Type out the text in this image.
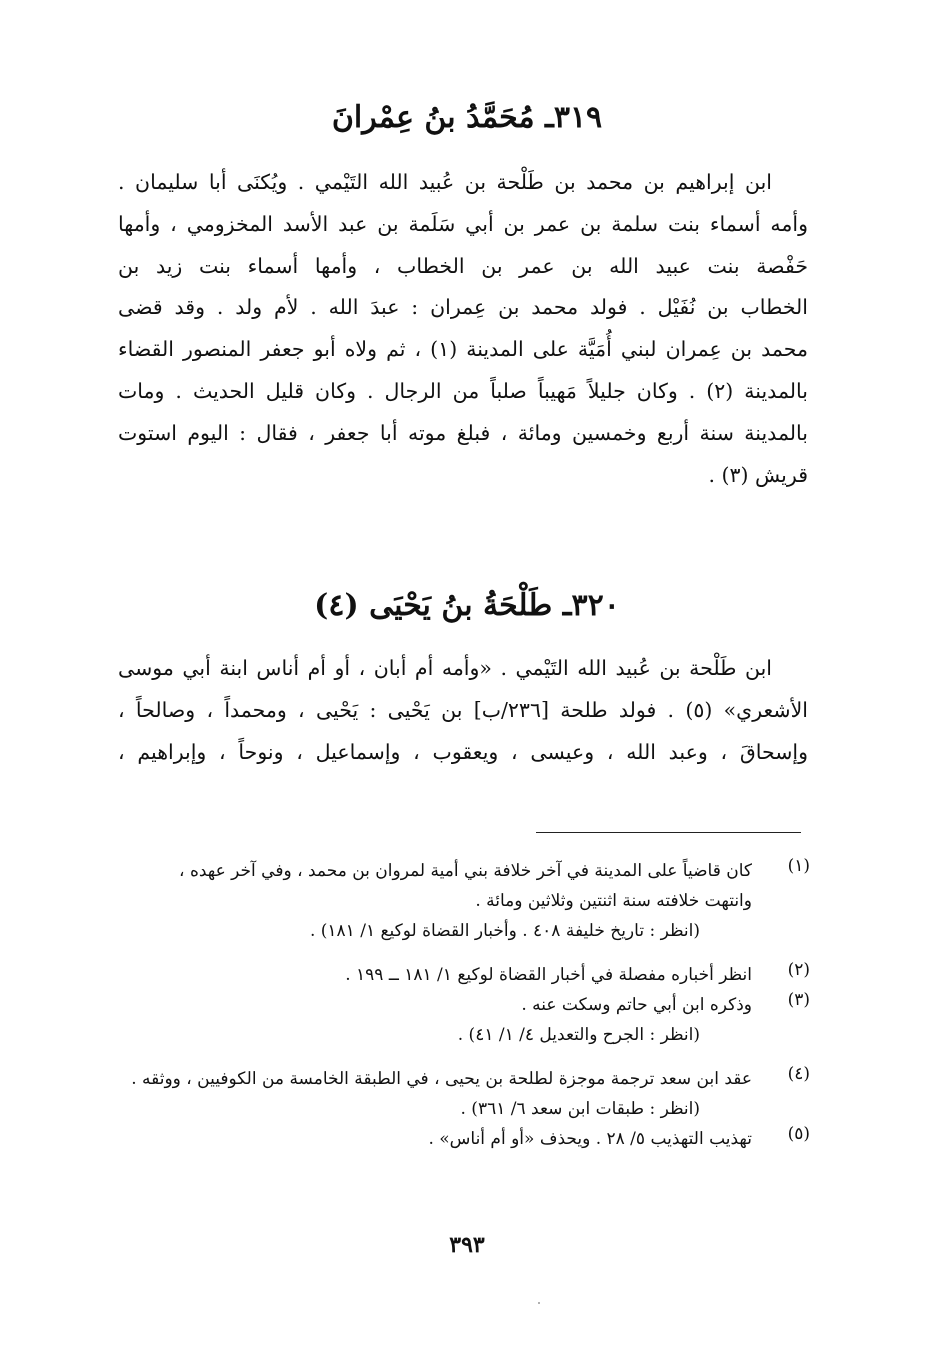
٣١٩ـ مُحَمَّدُ بنُ عِمْرانَ
ابن إبراهيم بن محمد بن طَلْحة بن عُبيد الله التَيْمي . ويُكنَى أبا سليمان .
وأمه أسماء بنت سلمة بن عمر بن أبي سَلَمة بن عبد الأسد المخزومي ، وأمها
حَفْصة بنت عبيد الله بن عمر بن الخطاب ، وأمها أسماء بنت زيد بن
الخطاب بن نُفَيْل . فولد محمد بن عِمران : عبدَ الله . لأم ولد . وقد قضى
محمد بن عِمران لبني أُمَيَّة على المدينة (١) ، ثم ولاه أبو جعفر المنصور القضاء
بالمدينة (٢) . وكان جليلاً مَهيباً صلباً من الرجال . وكان قليل الحديث . ومات
بالمدينة سنة أربع وخمسين ومائة ، فبلغ موته أبا جعفر ، فقال : اليوم استوت
قريش (٣) .
٣٢٠ـ طَلْحَةُ بنُ يَحْيَى (٤)
ابن طَلْحة بن عُبيد الله التَيْمي . «وأمه أم أبان ، أو أم أناس ابنة أبي موسى
الأشعري» (٥) . فولد طلحة [٢٣٦/ب] بن يَحْيى : يَحْيى ، ومحمداً ، وصالحاً ،
وإسحاقَ ، وعبد الله ، وعيسى ، ويعقوب ، وإسماعيل ، ونوحاً ، وإبراهيم ،
(١)
كان قاضياً على المدينة في آخر خلافة بني أمية لمروان بن محمد ، وفي آخر عهده ،
وانتهت خلافته سنة اثنتين وثلاثين ومائة .
(انظر : تاريخ خليفة ٤٠٨ . وأخبار القضاة لوكيع ١/ ١٨١) .
(٢)
انظر أخباره مفصلة في أخبار القضاة لوكيع ١/ ١٨١ ــ ١٩٩ .
(٣)
وذكره ابن أبي حاتم وسكت عنه .
(انظر : الجرح والتعديل ٤/ ١/ ٤١) .
(٤)
عقد ابن سعد ترجمة موجزة لطلحة بن يحيى ، في الطبقة الخامسة من الكوفيين ، ووثقه .
(انظر : طبقات ابن سعد ٦/ ٣٦١) .
(٥)
تهذيب التهذيب ٥/ ٢٨ . ويحذف «أو أم أناس» .
٣٩٣
